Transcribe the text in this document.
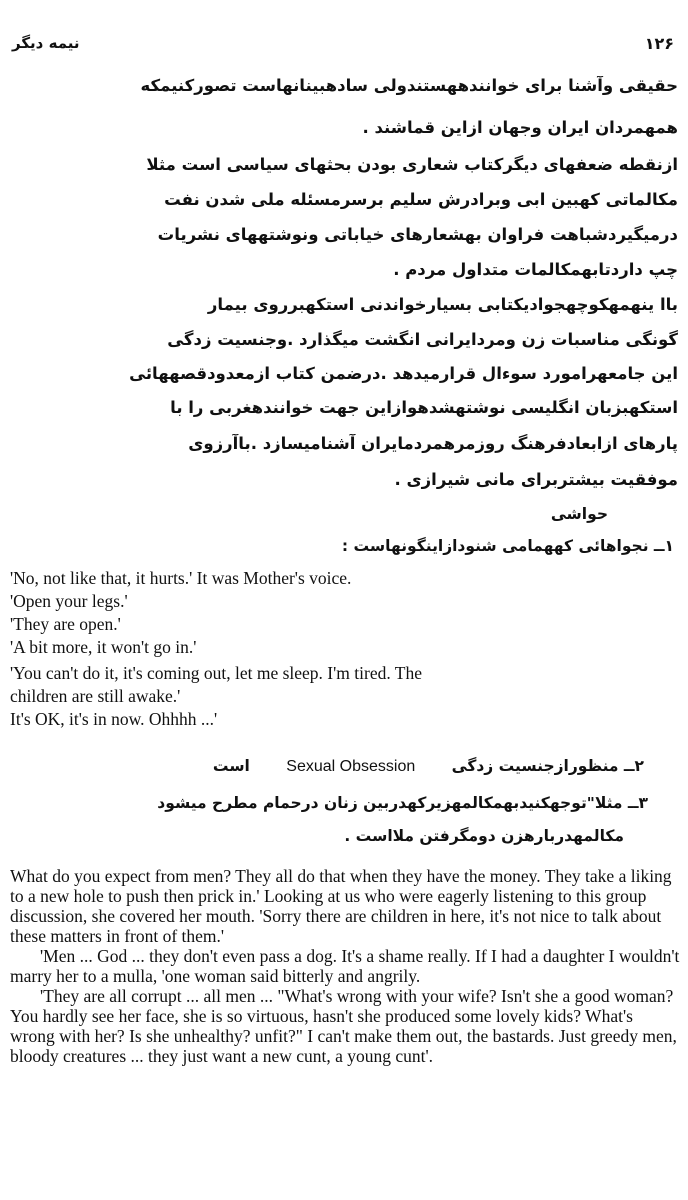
نیمه دیگر	۱۲۶
حقیقی وآشنا برای خوانندههستندولی سادهبینانهاست تصورکنیمکه
همهمردان ایران وجهان ازاین قماشند .
ازنقطه ضعفهای دیگرکتاب شعاری بودن بحثهای سیاسی است مثلا
مکالماتی کهبین ابی وبرادرش سلیم برسرمسئله ملی شدن نفت
درمیگیردشباهت فراوان بهشعارهای خیاباتی ونوشتههای نشریات
چپ داردتابهمکالمات متداول مردم .
باا ینهمهکوچهجوادیکتابی بسیارخواندنی استکهبرروی بیمار
گونگی مناسبات زن ومردایرانی انگشت میگذارد .وجنسیت زدگی
این جامعهرامورد سوءال قرارمیدهد .درضمن کتاب ازمعدودقصههائی
استکهبزبان انگلیسی نوشتهشدهوازاین جهت خوانندهغربی را با
پارهای ازابعادفرهنگ روزمرهمردمایران آشنامیسازد .باآرزوی
موفقیت بیشتربرای مانی شیرازی .
حواشی
۱ــ نجواهائی کههمامی شنودازاینگونهاست :
'No, not like that, it hurts.' It was Mother's voice.
'Open your legs.'
'They are open.'
'A bit more, it won't go in.'
'You can't do it, it's coming out, let me sleep. I'm tired. The
children are still awake.'
It's OK, it's in now. Ohhhh ...'
۲ــ منظورازجنسیت زدگی   Sexual Obsession   است
۳ــ مثلا"توجهکنیدبهمکالمهزیرکهدربین زنان درحمام مطرح میشود
مکالمهدربارهزن دومگرفتن ملااست .

What do you expect from men? They all do that when they have the money. They take a liking to a new hole to push then prick in.' Looking at us who were eagerly listening to this group discussion, she covered her mouth. 'Sorry there are children in here, it's not nice to talk about these matters in front of them.'

'Men ... God ... they don't even pass a dog. It's a shame really. If I had a daughter I wouldn't marry her to a mulla, 'one woman said bitterly and angrily.

'They are all corrupt ... all men ... "What's wrong with your wife? Isn't she a good woman? You hardly see her face, she is so virtuous, hasn't she produced some lovely kids? What's wrong with her? Is she unhealthy? unfit?" I can't make them out, the bastards. Just greedy men, bloody creatures ... they just want a new cunt, a young cunt'.
